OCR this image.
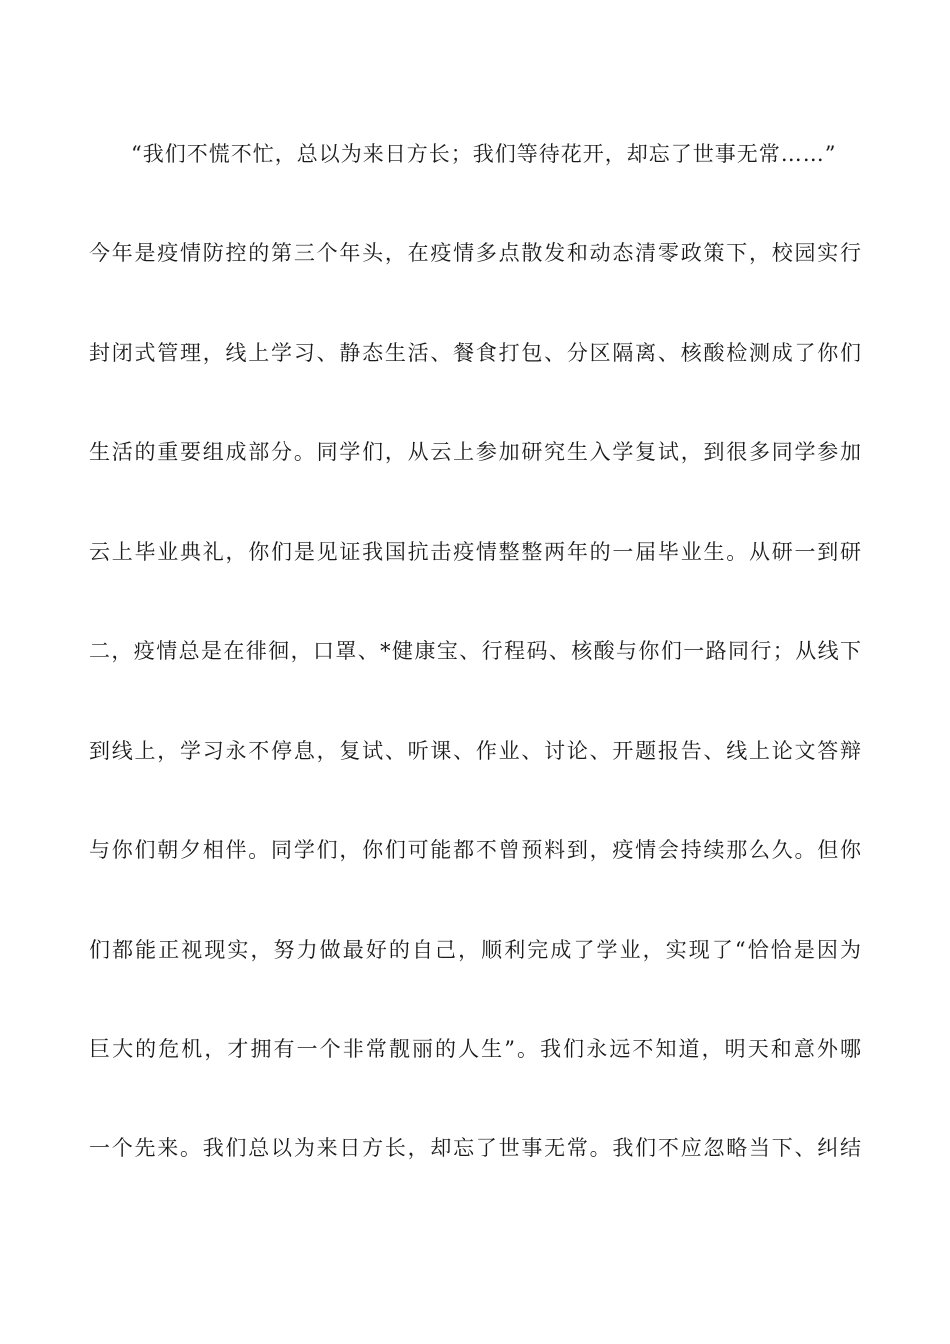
“我们不慌不忙，总以为来日方长；我们等待花开，却忘了世事无常……”
今年是疫情防控的第三个年头，在疫情多点散发和动态清零政策下，校园实行
封闭式管理，线上学习、静态生活、餐食打包、分区隔离、核酸检测成了你们
生活的重要组成部分。同学们，从云上参加研究生入学复试，到很多同学参加
云上毕业典礼，你们是见证我国抗击疫情整整两年的一届毕业生。从研一到研
二，疫情总是在徘徊，口罩、*健康宝、行程码、核酸与你们一路同行；从线下
到线上，学习永不停息，复试、听课、作业、讨论、开题报告、线上论文答辩
与你们朝夕相伴。同学们，你们可能都不曾预料到，疫情会持续那么久。但你
们都能正视现实，努力做最好的自己，顺利完成了学业，实现了“恰恰是因为
巨大的危机，才拥有一个非常靓丽的人生”。我们永远不知道，明天和意外哪
一个先来。我们总以为来日方长，却忘了世事无常。我们不应忽略当下、纠结
